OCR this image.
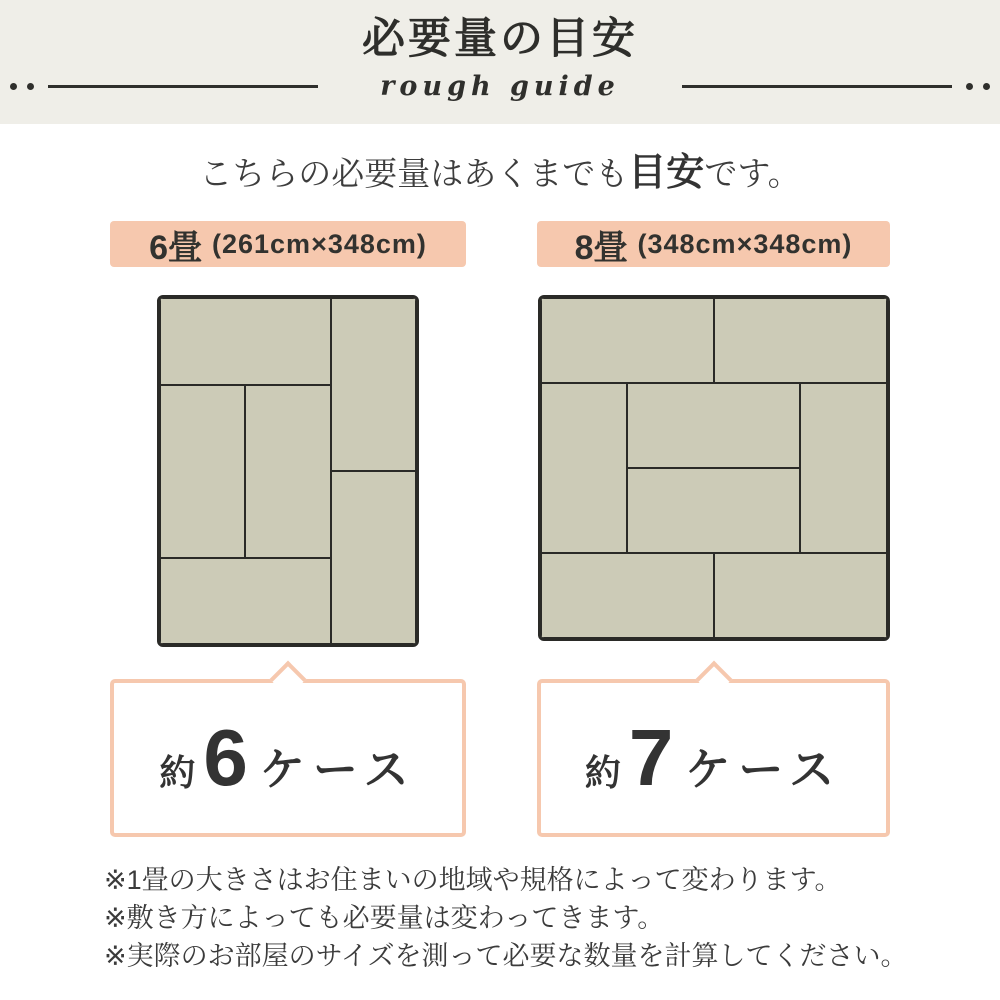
必要量の目安
rough guide
こちらの必要量はあくまでも目安です。
6畳 (261cm×348cm)
約 6 ケース
8畳 (348cm×348cm)
約 7 ケース
※1畳の大きさはお住まいの地域や規格によって変わります。
※敷き方によっても必要量は変わってきます。
※実際のお部屋のサイズを測って必要な数量を計算してください。
